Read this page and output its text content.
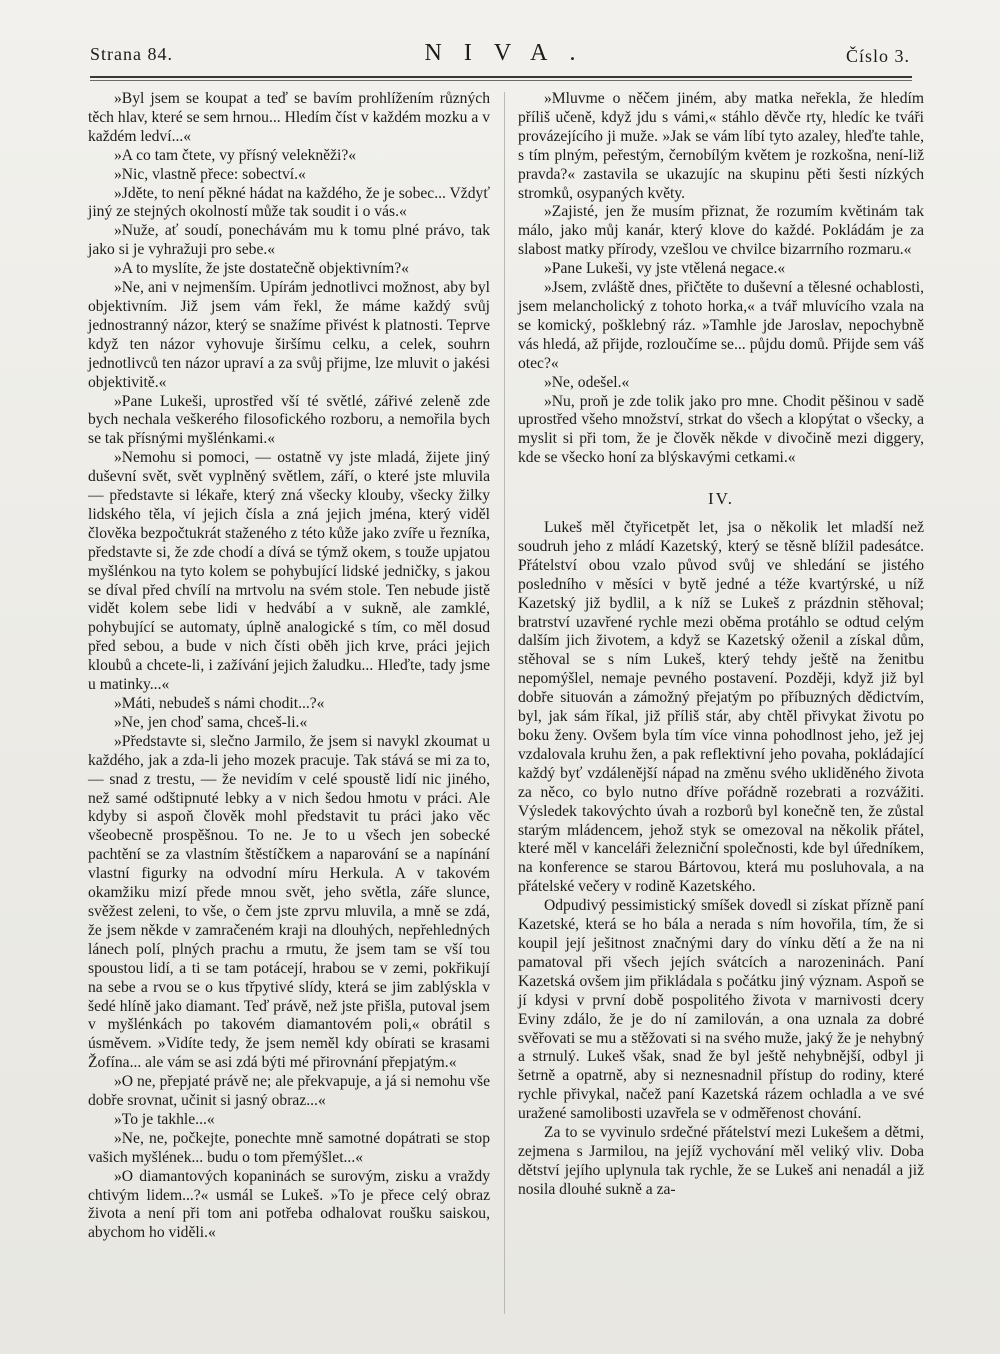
Strana 84.	NIVA.	Číslo 3.

»Byl jsem se koupat a teď se bavím prohlížením různých těch hlav, které se sem hrnou... Hledím číst v každém mozku a v každém ledví...«

»A co tam čtete, vy přísný velekněži?«

»Nic, vlastně přece: sobectví.«

»Jděte, to není pěkné hádat na každého, že je sobec... Vždyť jiný ze stejných okolností může tak soudit i o vás.«

»Nuže, ať soudí, ponechávám mu k tomu plné právo, tak jako si je vyhražuji pro sebe.«

»A to myslíte, že jste dostatečně objektivním?«

»Ne, ani v nejmenším. Upírám jednotlivci možnost, aby byl objektivním. Již jsem vám řekl, že máme každý svůj jednostranný názor, který se snažíme přivést k platnosti. Teprve když ten názor vyhovuje širšímu celku, a celek, souhrn jednotlivců ten názor upraví a za svůj přijme, lze mluvit o jakési objektivitě.«

»Pane Lukeši, uprostřed vší té světlé, zářivé zeleně zde bych nechala veškerého filosofického rozboru, a nemořila bych se tak přísnými myšlénkami.«

»Nemohu si pomoci, — ostatně vy jste mladá, žijete jiný duševní svět, svět vyplněný světlem, září, o které jste mluvila — představte si lékaře, který zná všecky klouby, všecky žilky lidského těla, ví jejich čísla a zná jejich jména, který viděl člověka bezpočtukrát staženého z této kůže jako zvíře u řezníka, představte si, že zde chodí a dívá se týmž okem, s touže upjatou myšlénkou na tyto kolem se pohybující lidské jedničky, s jakou se díval před chvílí na mrtvolu na svém stole. Ten nebude jistě vidět kolem sebe lidi v hedvábí a v sukně, ale zamklé, pohybující se automaty, úplně analogické s tím, co měl dosud před sebou, a bude v nich čísti oběh jich krve, práci jejich kloubů a chcete-li, i zažívání jejich žaludku... Hleďte, tady jsme u matinky...«

»Máti, nebudeš s námi chodit...?«

»Ne, jen choď sama, chceš-li.«

»Představte si, slečno Jarmilo, že jsem si navykl zkoumat u každého, jak a zda-li jeho mozek pracuje. Tak stává se mi za to, — snad z trestu, — že nevidím v celé spoustě lidí nic jiného, než samé odštipnuté lebky a v nich šedou hmotu v práci. Ale kdyby si aspoň člověk mohl představit tu práci jako věc všeobecně prospěšnou. To ne. Je to u všech jen sobecké pachtění se za vlastním štěstíčkem a naparování se a napínání vlastní figurky na odvodní míru Herkula. A v takovém okamžiku mizí přede mnou svět, jeho světla, záře slunce, svěžest zeleni, to vše, o čem jste zprvu mluvila, a mně se zdá, že jsem někde v zamračeném kraji na dlouhých, nepřehledných lánech polí, plných prachu a rmutu, že jsem tam se vší tou spoustou lidí, a ti se tam potácejí, hrabou se v zemi, pokřikují na sebe a rvou se o kus třpytivé slídy, která se jim zablýskla v šedé hlíně jako diamant. Teď právě, než jste přišla, putoval jsem v myšlénkách po takovém diamantovém poli,« obrátil s úsměvem. »Vidíte tedy, že jsem neměl kdy obírati se krasami Žofína... ale vám se asi zdá býti mé přirovnání přepjatým.«

»O ne, přepjaté právě ne; ale překvapuje, a já si nemohu vše dobře srovnat, učinit si jasný obraz...«

»To je takhle...«

»Ne, ne, počkejte, ponechte mně samotné dopátrati se stop vašich myšlének... budu o tom přemýšlet...«

»O diamantových kopaninách se surovým, zisku a vraždy chtivým lidem...?« usmál se Lukeš. »To je přece celý obraz života a není při tom ani potřeba odhalovat roušku saiskou, abychom ho viděli.«

»Mluvme o něčem jiném, aby matka neřekla, že hledím příliš učeně, když jdu s vámi,« stáhlo děvče rty, hledíc ke tváři provázejícího ji muže. »Jak se vám líbí tyto azaley, hleďte tahle, s tím plným, peřestým, černobílým květem je rozkošna, není-liž pravda?« zastavila se ukazujíc na skupinu pěti šesti nízkých stromků, osypaných květy.

»Zajisté, jen že musím přiznat, že rozumím květinám tak málo, jako můj kanár, který klove do každé. Pokládám je za slabost matky přírody, vzešlou ve chvilce bizarrního rozmaru.«

»Pane Lukeši, vy jste vtělená negace.«

»Jsem, zvláště dnes, přičtěte to duševní a tělesné ochablosti, jsem melancholický z tohoto horka,« a tvář mluvícího vzala na se komický, pošklebný ráz. »Tamhle jde Jaroslav, nepochybně vás hledá, až přijde, rozloučíme se... půjdu domů. Přijde sem váš otec?«

»Ne, odešel.«

»Nu, proň je zde tolik jako pro mne. Chodit pěšinou v sadě uprostřed všeho množství, strkat do všech a klopýtat o všecky, a myslit si při tom, že je člověk někde v divočině mezi diggery, kde se všecko honí za blýskavými cetkami.«

IV.

Lukeš měl čtyřicetpět let, jsa o několik let mladší než soudruh jeho z mládí Kazetský, který se těsně blížil padesátce. Přátelství obou vzalo původ svůj ve shledání se jistého posledního v měsíci v bytě jedné a téže kvartýrské, u níž Kazetský již bydlil, a k níž se Lukeš z prázdnin stěhoval; bratrství uzavřené rychle mezi oběma protáhlo se odtud celým dalším jich životem, a když se Kazetský oženil a získal dům, stěhoval se s ním Lukeš, který tehdy ještě na ženitbu nepomýšlel, nemaje pevného postavení. Později, když již byl dobře situován a zámožný přejatým po příbuzných dědictvím, byl, jak sám říkal, již příliš stár, aby chtěl přivykat životu po boku ženy. Ovšem byla tím více vinna pohodlnost jeho, jež jej vzdalovala kruhu žen, a pak reflektivní jeho povaha, pokládající každý byť vzdálenější nápad na změnu svého ukliděného života za něco, co bylo nutno dříve pořádně rozebrati a rozvážiti. Výsledek takovýchto úvah a rozborů byl konečně ten, že zůstal starým mládencem, jehož styk se omezoval na několik přátel, které měl v kanceláři železniční společnosti, kde byl úředníkem, na konference se starou Bártovou, která mu posluhovala, a na přátelské večery v rodině Kazetského.

Odpudivý pessimistický smíšek dovedl si získat přízně paní Kazetské, která se ho bála a nerada s ním hovořila, tím, že si koupil její ješitnost značnými dary do vínku dětí a že na ni pamatoval při všech jejích svátcích a narozeninách. Paní Kazetská ovšem jim přikládala s počátku jiný význam. Aspoň se jí kdysi v první době pospolitého života v marnivosti dcery Eviny zdálo, že je do ní zamilován, a ona uznala za dobré svěřovati se mu a stěžovati si na svého muže, jaký že je nehybný a strnulý. Lukeš však, snad že byl ještě nehybnější, odbyl ji šetrně a opatrně, aby si neznesnadnil přístup do rodiny, které rychle přivykal, načež paní Kazetská rázem ochladla a ve své uražené samolibosti uzavřela se v odměřenost chování.

Za to se vyvinulo srdečné přátelství mezi Lukešem a dětmi, zejmena s Jarmilou, na jejíž vychování měl veliký vliv. Doba dětství jejího uplynula tak rychle, že se Lukeš ani nenadál a již nosila dlouhé sukně a za-
